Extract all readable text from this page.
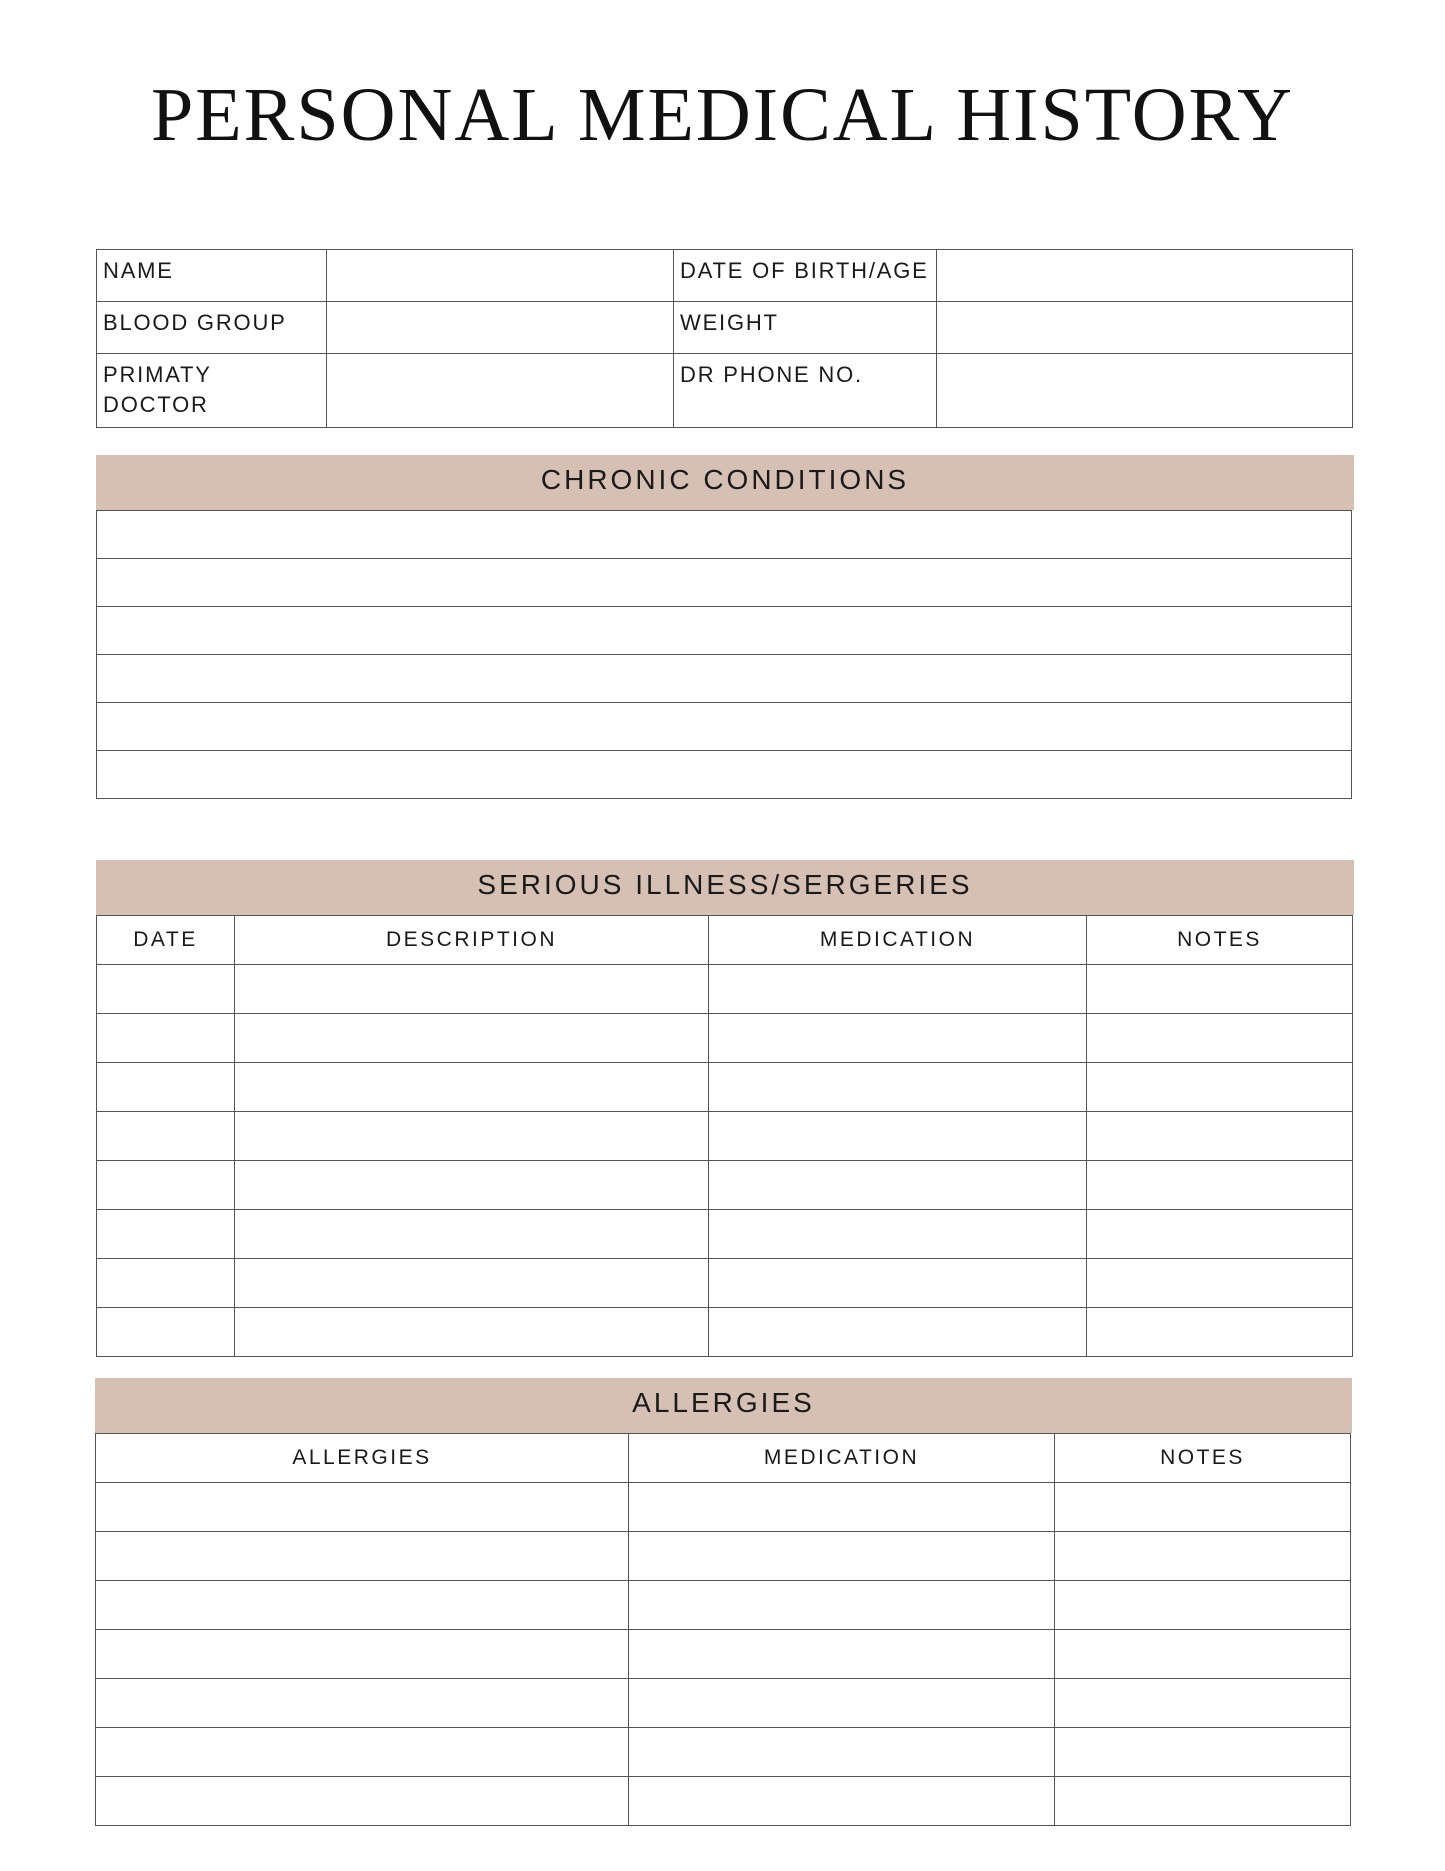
PERSONAL MEDICAL HISTORY
NAME		DATE OF BIRTH/AGE	
BLOOD GROUP		WEIGHT	
PRIMATY
DOCTOR		DR PHONE NO.	
CHRONIC CONDITIONS

SERIOUS ILLNESS/SERGERIES
DATE	DESCRIPTION	MEDICATION	NOTES

ALLERGIES
ALLERGIES	MEDICATION	NOTES
